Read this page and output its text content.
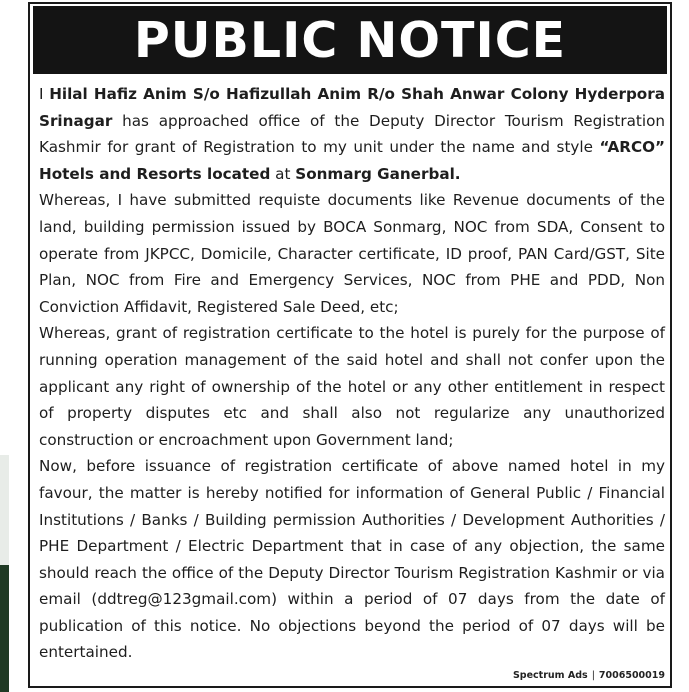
PUBLIC NOTICE

I Hilal Hafiz Anim S/o Hafizullah Anim R/o Shah Anwar Colony Hyderpora Srinagar has approached office of the Deputy Director Tourism Registration Kashmir for grant of Registration to my unit under the name and style “ARCO” Hotels and Resorts located at Sonmarg Ganerbal.

Whereas, I have submitted requiste documents like Revenue documents of the land, building permission issued by BOCA Sonmarg, NOC from SDA, Consent to operate from JKPCC, Domicile, Character certificate, ID proof, PAN Card/GST, Site Plan, NOC from Fire and Emergency Services, NOC from PHE and PDD, Non Conviction Affidavit, Registered Sale Deed, etc;

Whereas, grant of registration certificate to the hotel is purely for the purpose of running operation management of the said hotel and shall not confer upon the applicant any right of ownership of the hotel or any other entitlement in respect of property disputes etc and shall also not regularize any unauthorized construction or encroachment upon Government land;

Now, before issuance of registration certificate of above named hotel in my favour, the matter is hereby notified for information of General Public / Financial Institutions / Banks / Building permission Authorities / Development Authorities / PHE Department / Electric Department that in case of any objection, the same should reach the office of the Deputy Director Tourism Registration Kashmir or via email (ddtreg@123gmail.com) within a period of 07 days from the date of publication of this notice. No objections beyond the period of 07 days will be entertained.

Spectrum Ads | 7006500019
